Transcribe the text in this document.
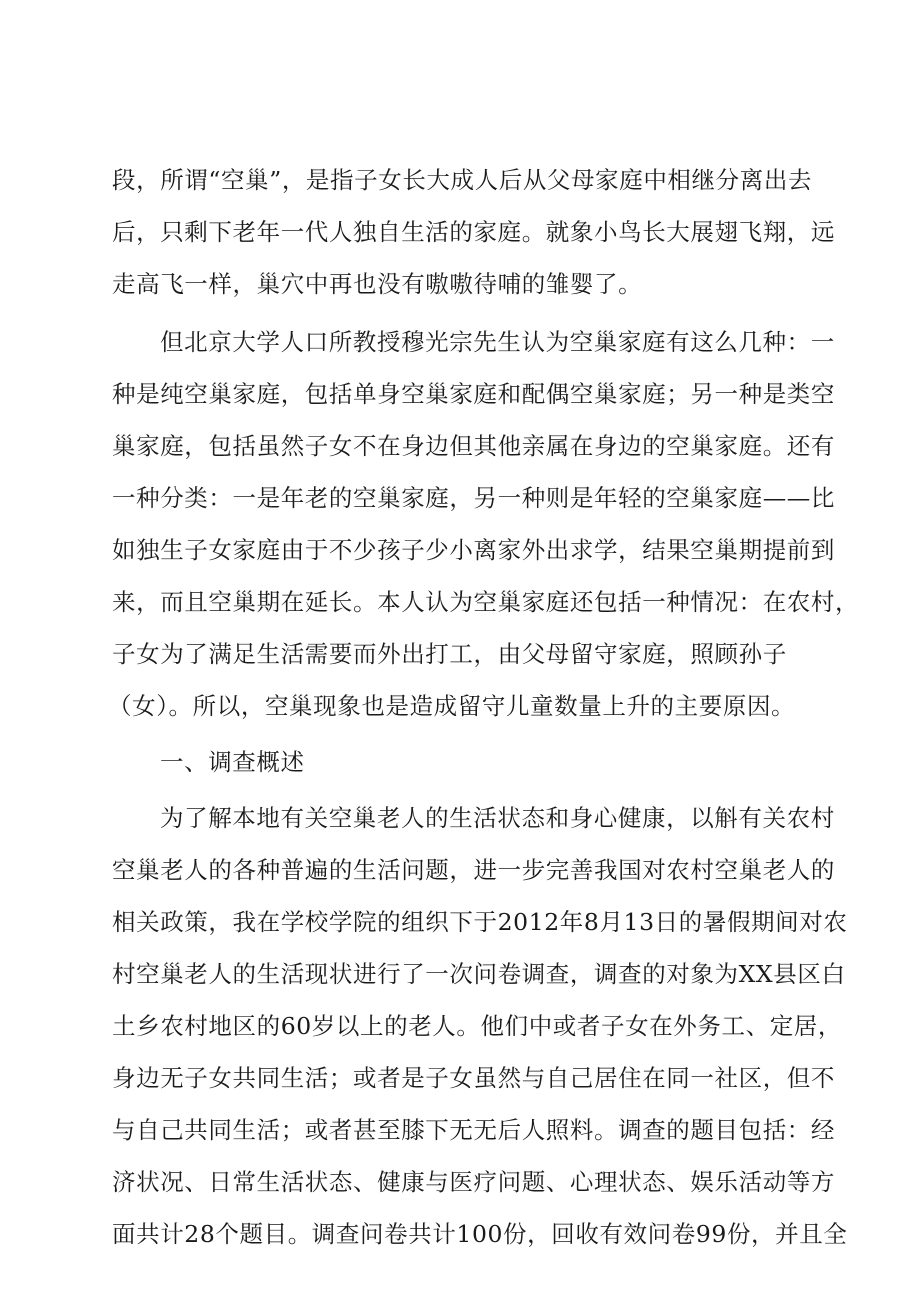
段，所谓“空巢”，是指子女长大成人后从父母家庭中相继分离出去
后，只剩下老年一代人独自生活的家庭。就象小鸟长大展翅飞翔，远
走高飞一样，巢穴中再也没有嗷嗷待哺的雏婴了。
但北京大学人口所教授穆光宗先生认为空巢家庭有这么几种：一
种是纯空巢家庭，包括单身空巢家庭和配偶空巢家庭；另一种是类空
巢家庭，包括虽然子女不在身边但其他亲属在身边的空巢家庭。还有
一种分类：一是年老的空巢家庭，另一种则是年轻的空巢家庭——比
如独生子女家庭由于不少孩子少小离家外出求学，结果空巢期提前到
来，而且空巢期在延长。本人认为空巢家庭还包括一种情况：在农村，
子女为了满足生活需要而外出打工，由父母留守家庭，照顾孙子
（女）。所以，空巢现象也是造成留守儿童数量上升的主要原因。
一、调查概述
为了解本地有关空巢老人的生活状态和身心健康，以斛有关农村
空巢老人的各种普遍的生活问题，进一步完善我国对农村空巢老人的
相关政策，我在学校学院的组织下于2012年8月13日的暑假期间对农
村空巢老人的生活现状进行了一次问卷调查，调查的对象为XX县区白
土乡农村地区的60岁以上的老人。他们中或者子女在外务工、定居，
身边无子女共同生活；或者是子女虽然与自己居住在同一社区，但不
与自己共同生活；或者甚至膝下无无后人照料。调查的题目包括：经
济状况、日常生活状态、健康与医疗问题、心理状态、娱乐活动等方
面共计28个题目。调查问卷共计100份，回收有效问卷99份，并且全
